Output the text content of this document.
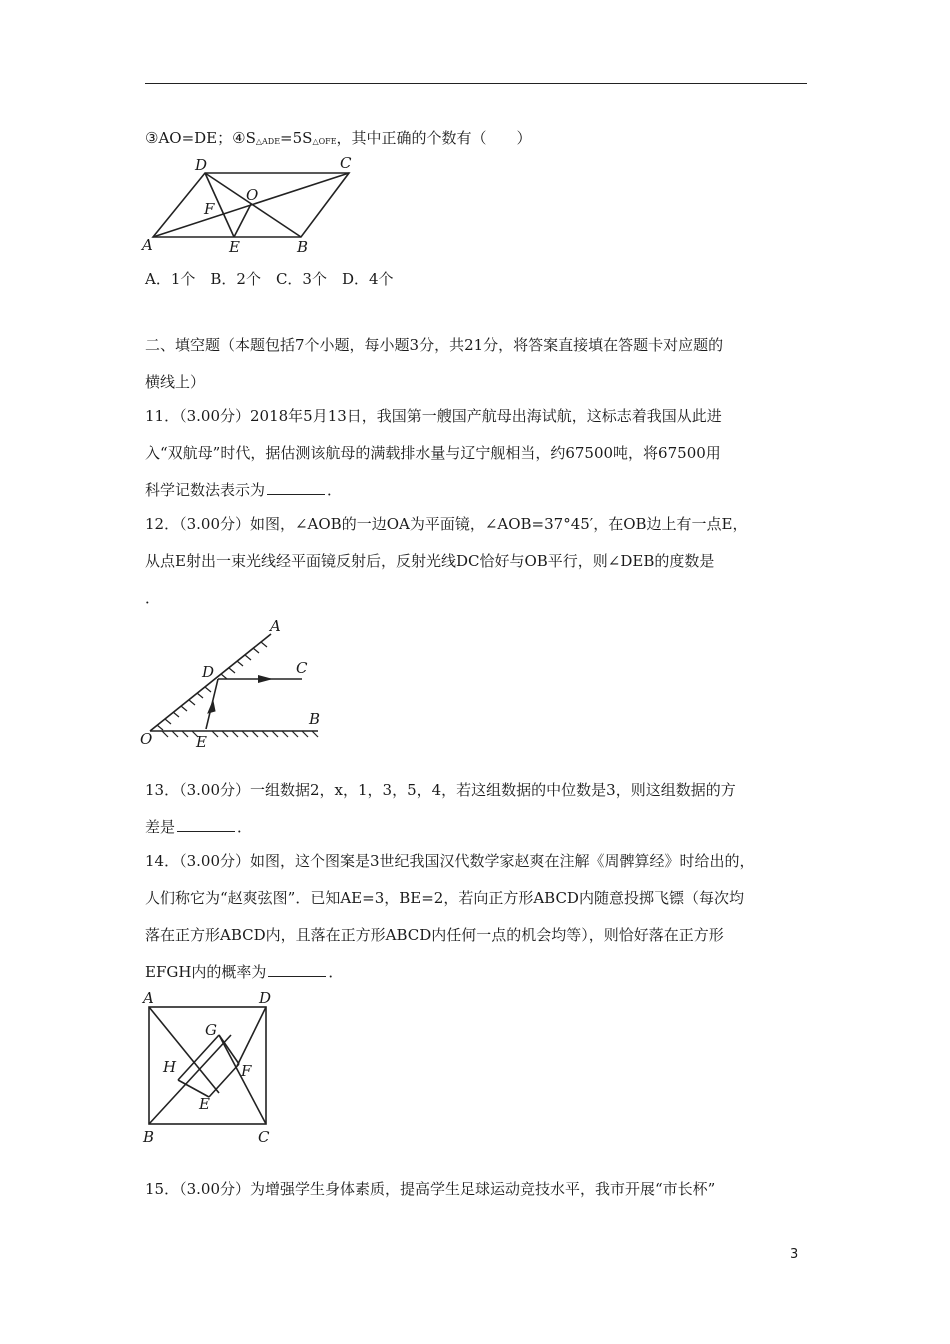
③AO=DE；④S△ADE=5S△OFE，其中正确的个数有（　　）
D	C
O
F
A	E	B
A．1个　B．2个　C．3个　D．4个
二、填空题（本题包括7个小题，每小题3分，共21分，将答案直接填在答题卡对应题的
横线上）
11．（3.00分）2018年5月13日，我国第一艘国产航母出海试航，这标志着我国从此进
入“双航母”时代，据估测该航母的满载排水量与辽宁舰相当，约67500吨，将67500用
科学记数法表示为	．
12．（3.00分）如图，∠AOB的一边OA为平面镜，∠AOB=37°45′，在OB边上有一点E，
从点E射出一束光线经平面镜反射后，反射光线DC恰好与OB平行，则∠DEB的度数是
．
A
D	C
B
O	E
13．（3.00分）一组数据2，x，1，3，5，4，若这组数据的中位数是3，则这组数据的方
差是	．
14．（3.00分）如图，这个图案是3世纪我国汉代数学家赵爽在注解《周髀算经》时给出的，
人们称它为“赵爽弦图”．已知AE=3，BE=2，若向正方形ABCD内随意投掷飞镖（每次均
落在正方形ABCD内，且落在正方形ABCD内任何一点的机会均等），则恰好落在正方形
EFGH内的概率为	．
A	D
G
H	F
E
B	C
15．（3.00分）为增强学生身体素质，提高学生足球运动竞技水平，我市开展“市长杯”
3
